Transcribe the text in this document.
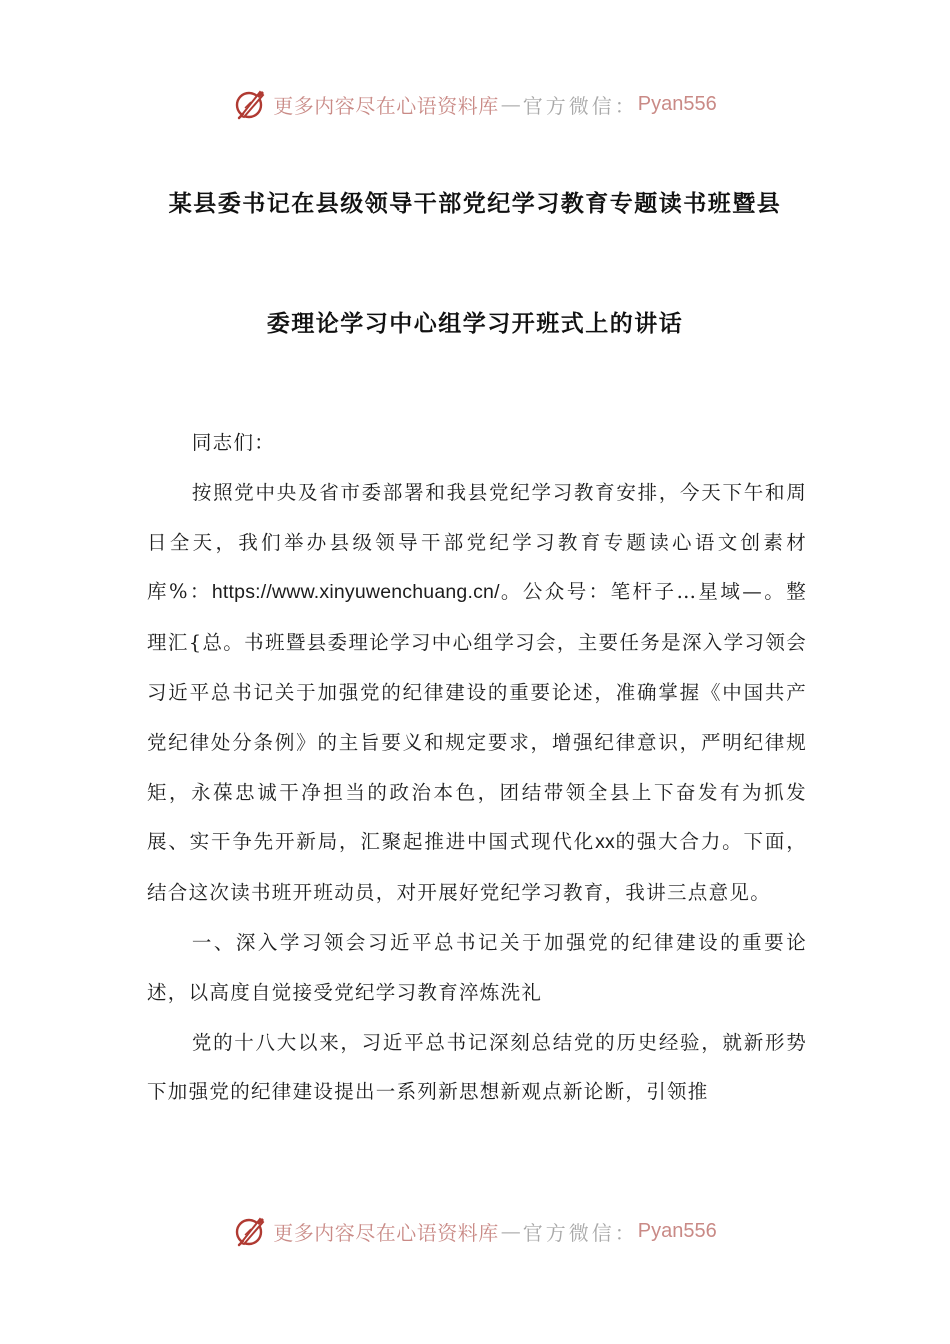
更多内容尽在心语资料库 — 官方微信： Pyan556
某县委书记在县级领导干部党纪学习教育专题读书班暨县
委理论学习中心组学习开班式上的讲话

同志们：

按照党中央及省市委部署和我县党纪学习教育安排，今天下午和周日全天，我们举办县级领导干部党纪学习教育专题读心语文创素材库%：https://www.xinyuwenchuang.cn/。公众号：笔杆子…星域—。整理汇{总。书班暨县委理论学习中心组学习会，主要任务是深入学习领会习近平总书记关于加强党的纪律建设的重要论述，准确掌握《中国共产党纪律处分条例》的主旨要义和规定要求，增强纪律意识，严明纪律规矩，永葆忠诚干净担当的政治本色，团结带领全县上下奋发有为抓发展、实干争先开新局，汇聚起推进中国式现代化xx的强大合力。下面，结合这次读书班开班动员，对开展好党纪学习教育，我讲三点意见。

一、深入学习领会习近平总书记关于加强党的纪律建设的重要论述，以高度自觉接受党纪学习教育淬炼洗礼

党的十八大以来，习近平总书记深刻总结党的历史经验，就新形势下加强党的纪律建设提出一系列新思想新观点新论断，引领推

更多内容尽在心语资料库 — 官方微信： Pyan556
